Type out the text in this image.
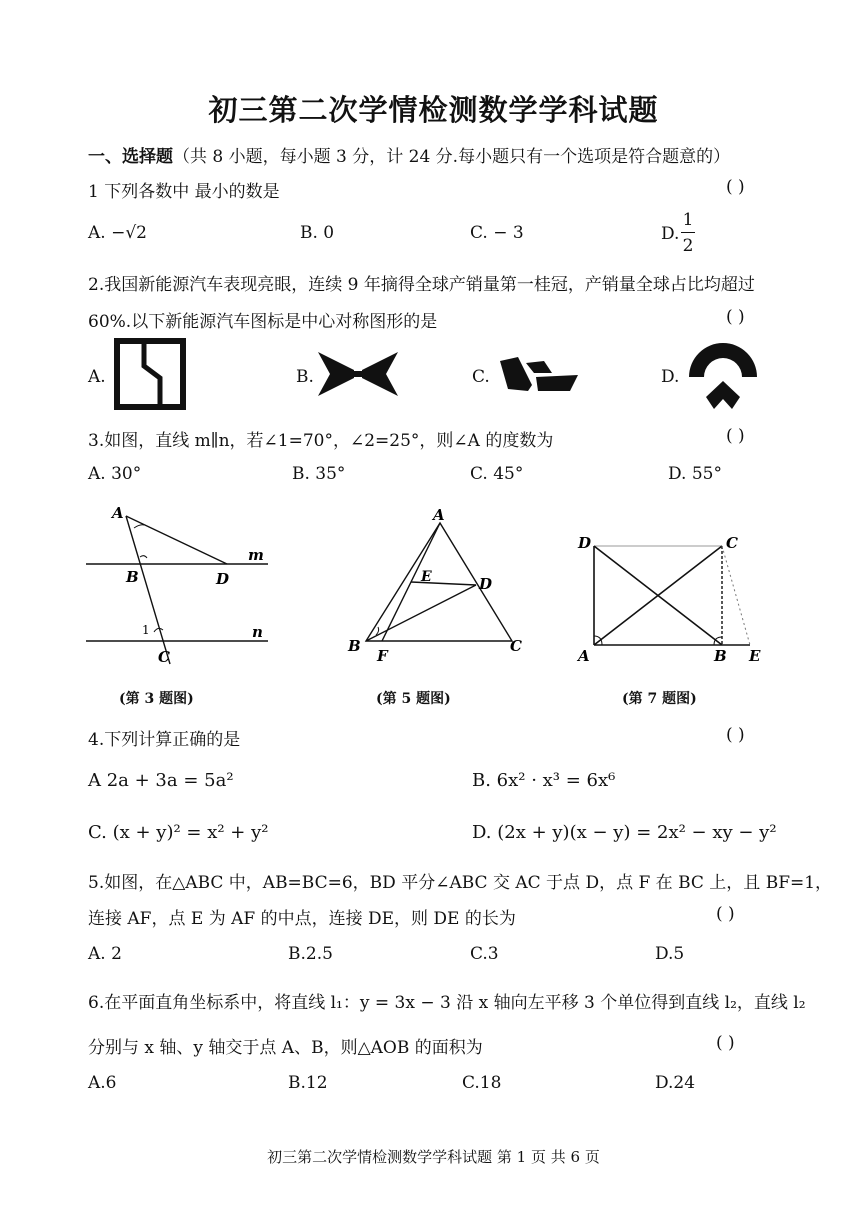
初三第二次学情检测数学学科试题
一、选择题（共 8 小题，每小题 3 分，计 24 分.每小题只有一个选项是符合题意的）
1 下列各数中 最小的数是	( )
A. −√2	B. 0	C. − 3	D.
1
2
2.我国新能源汽车表现亮眼，连续 9 年摘得全球产销量第一桂冠，产销量全球占比均超过
60%.以下新能源汽车图标是中心对称图形的是	( )
A.	B.	C.	D.
3.如图，直线 m∥n，若∠1=70°，∠2=25°，则∠A 的度数为	( )
A. 30°	B. 35°	C. 45°	D. 55°
A
B	D
m
1	n
C
(第 3 题图)
A
E	D
B
F
C
(第 5 题图)
D	C
A	B E
(第 7 题图)
4.下列计算正确的是	( )
A 2a + 3a = 5a²	B. 6x² · x³ = 6x⁶
C. (x + y)² = x² + y²	D. (2x + y)(x − y) = 2x² − xy − y²
5.如图，在△ABC 中，AB=BC=6，BD 平分∠ABC 交 AC 于点 D，点 F 在 BC 上，且 BF=1，
连接 AF，点 E 为 AF 的中点，连接 DE，则 DE 的长为	( )
A. 2	B.2.5	C.3	D.5
6.在平面直角坐标系中，将直线 l₁：y = 3x − 3 沿 x 轴向左平移 3 个单位得到直线 l₂，直线 l₂
分别与 x 轴、y 轴交于点 A、B，则△AOB 的面积为	( )
A.6	B.12	C.18	D.24
初三第二次学情检测数学学科试题 第 1 页 共 6 页
